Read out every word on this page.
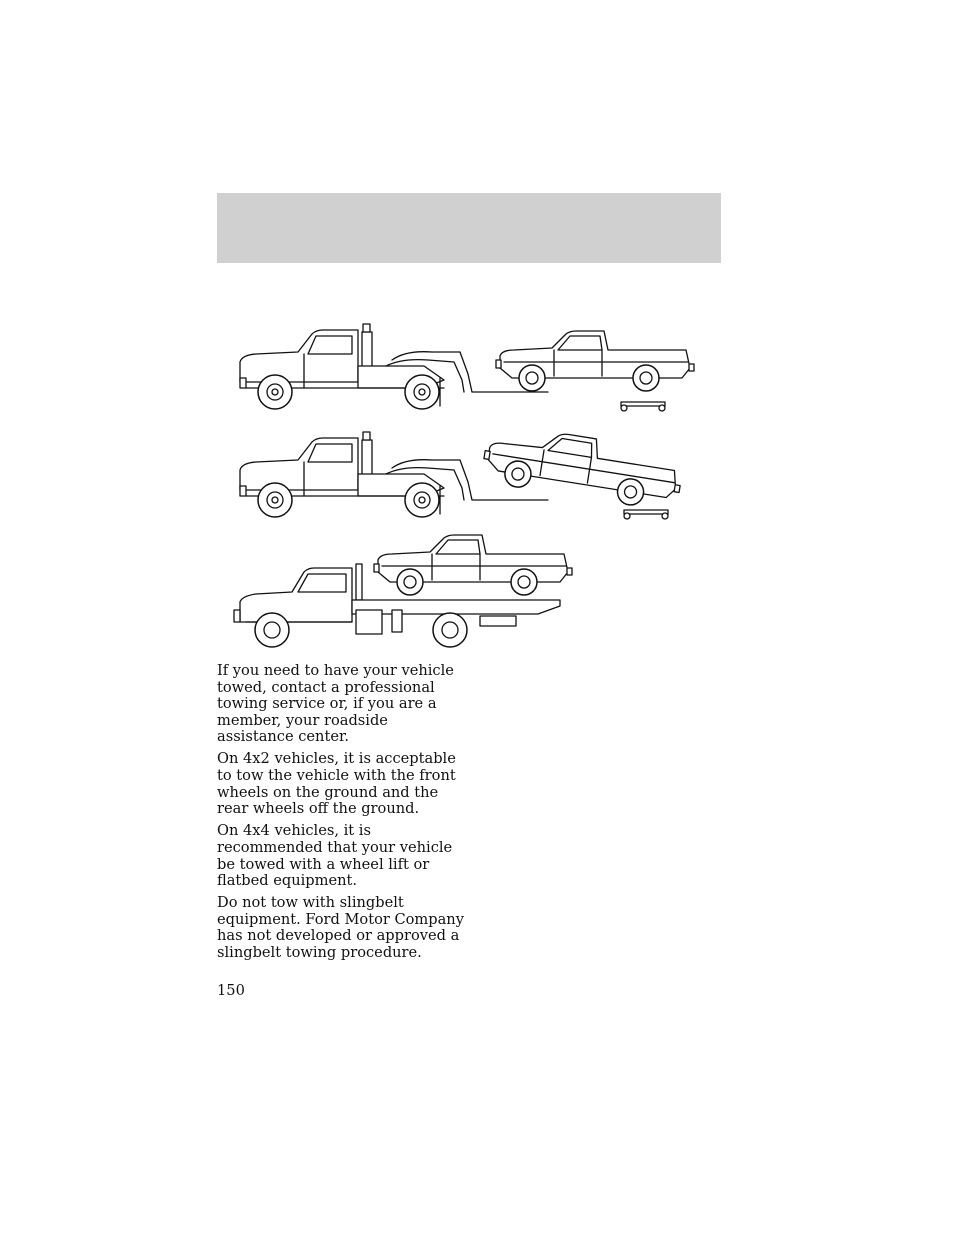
If you need to have your vehicle towed, contact a professional towing service or, if you are a member, your roadside assistance center.

On 4x2 vehicles, it is acceptable to tow the vehicle with the front wheels on the ground and the rear wheels off the ground.

On 4x4 vehicles, it is recommended that your vehicle be towed with a wheel lift or flatbed equipment.

Do not tow with slingbelt equipment. Ford Motor Company has not developed or approved a slingbelt towing procedure.

150
